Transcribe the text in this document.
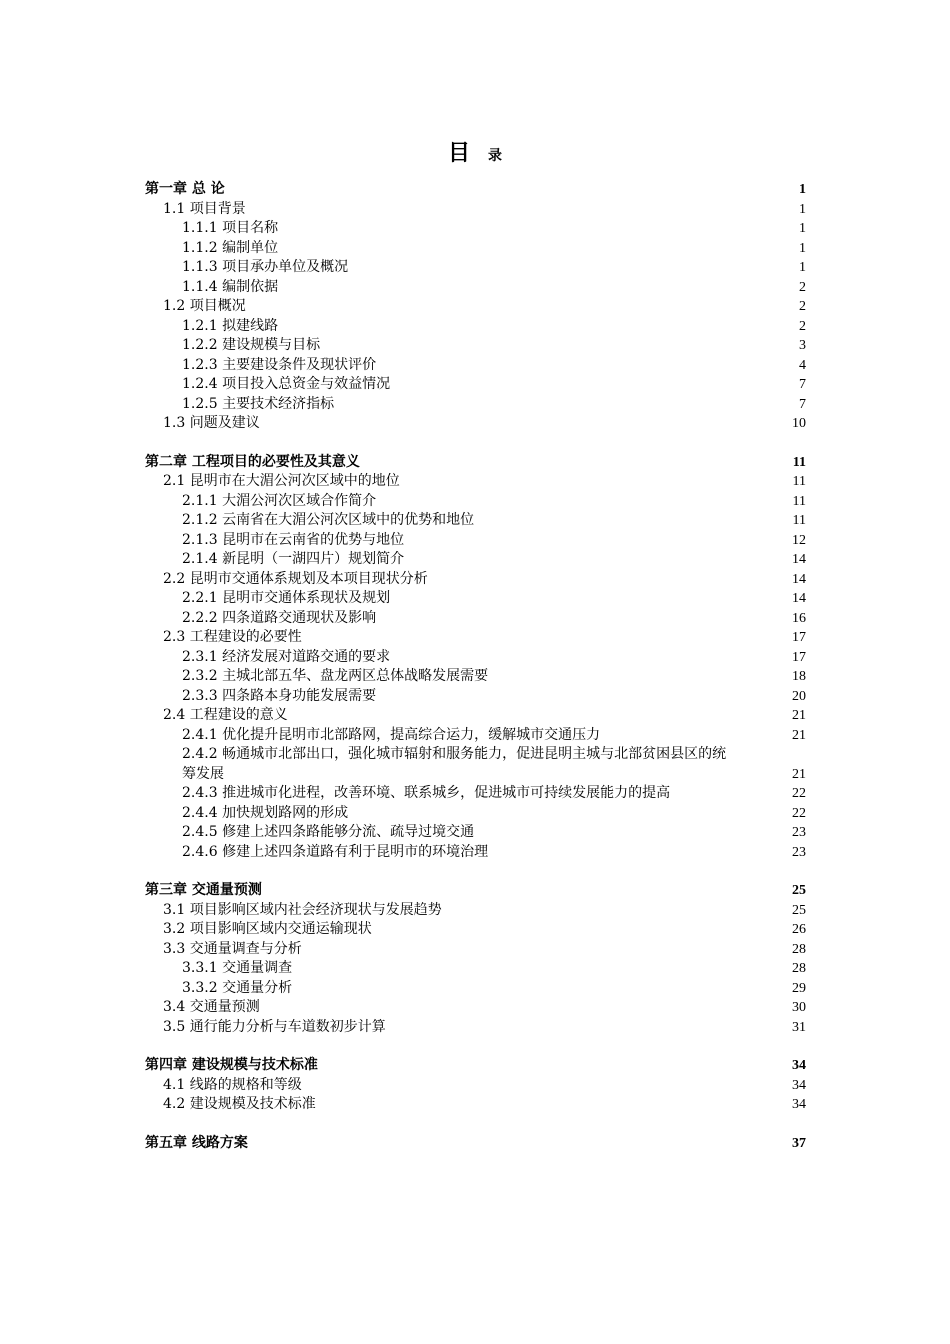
目 录
第一章 总 论	1
1.1 项目背景	1
1.1.1 项目名称	1
1.1.2 编制单位	1
1.1.3 项目承办单位及概况	1
1.1.4 编制依据	2
1.2 项目概况	2
1.2.1 拟建线路	2
1.2.2 建设规模与目标	3
1.2.3 主要建设条件及现状评价	4
1.2.4 项目投入总资金与效益情况	7
1.2.5 主要技术经济指标	7
1.3 问题及建议	10
第二章 工程项目的必要性及其意义	11
2.1 昆明市在大湄公河次区域中的地位	11
2.1.1 大湄公河次区域合作简介	11
2.1.2 云南省在大湄公河次区域中的优势和地位	11
2.1.3 昆明市在云南省的优势与地位	12
2.1.4 新昆明（一湖四片）规划简介	14
2.2 昆明市交通体系规划及本项目现状分析	14
2.2.1 昆明市交通体系现状及规划	14
2.2.2 四条道路交通现状及影响	16
2.3 工程建设的必要性	17
2.3.1 经济发展对道路交通的要求	17
2.3.2 主城北部五华、盘龙两区总体战略发展需要	18
2.3.3 四条路本身功能发展需要	20
2.4 工程建设的意义	21
2.4.1 优化提升昆明市北部路网，提高综合运力，缓解城市交通压力	21
2.4.2 畅通城市北部出口，强化城市辐射和服务能力，促进昆明主城与北部贫困县区的统
筹发展	21
2.4.3 推进城市化进程，改善环境、联系城乡，促进城市可持续发展能力的提高	22
2.4.4 加快规划路网的形成	22
2.4.5 修建上述四条路能够分流、疏导过境交通	23
2.4.6 修建上述四条道路有利于昆明市的环境治理	23
第三章 交通量预测	25
3.1 项目影响区域内社会经济现状与发展趋势	25
3.2 项目影响区域内交通运输现状	26
3.3 交通量调查与分析	28
3.3.1 交通量调查	28
3.3.2 交通量分析	29
3.4 交通量预测	30
3.5 通行能力分析与车道数初步计算	31
第四章 建设规模与技术标准	34
4.1 线路的规格和等级	34
4.2 建设规模及技术标准	34
第五章 线路方案	37
